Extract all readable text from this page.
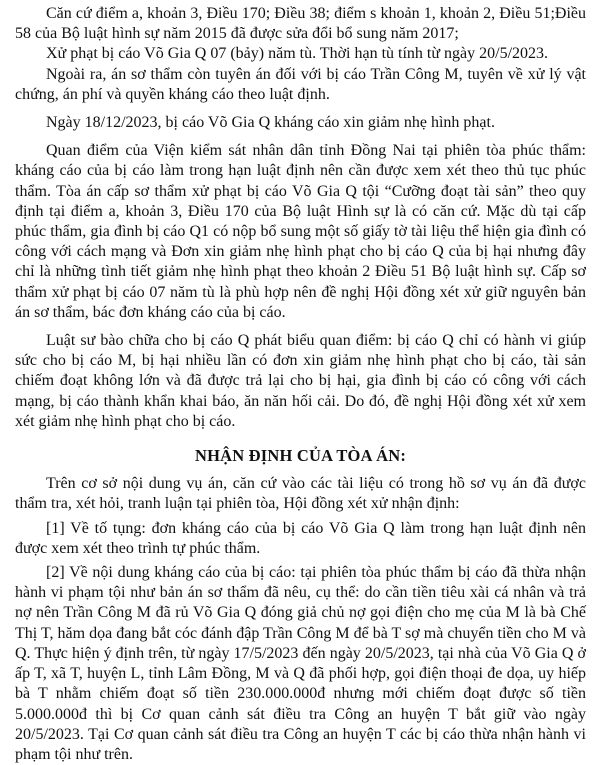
Căn cứ điểm a, khoản 3, Điều 170; Điều 38; điểm s khoản 1, khoản 2, Điều 51;Điều 58 của Bộ luật hình sự năm 2015 đã được sửa đổi bổ sung năm 2017;

Xử phạt bị cáo Võ Gia Q 07 (bảy) năm tù. Thời hạn tù tính từ ngày 20/5/2023.

Ngoài ra, án sơ thẩm còn tuyên án đối với bị cáo Trần Công M, tuyên về xử lý vật chứng, án phí và quyền kháng cáo theo luật định.

Ngày 18/12/2023, bị cáo Võ Gia Q kháng cáo xin giảm nhẹ hình phạt.

Quan điểm của Viện kiểm sát nhân dân tỉnh Đồng Nai tại phiên tòa phúc thẩm: kháng cáo của bị cáo làm trong hạn luật định nên cần được xem xét theo thủ tục phúc thẩm. Tòa án cấp sơ thẩm xử phạt bị cáo Võ Gia Q tội “Cưỡng đoạt tài sản” theo quy định tại điểm a, khoản 3, Điều 170 của Bộ luật Hình sự là có căn cứ. Mặc dù tại cấp phúc thẩm, gia đình bị cáo Q1 có nộp bổ sung một số giấy tờ tài liệu thể hiện gia đình có công với cách mạng và Đơn xin giảm nhẹ hình phạt cho bị cáo Q của bị hại nhưng đây chỉ là những tình tiết giảm nhẹ hình phạt theo khoản 2 Điều 51 Bộ luật hình sự. Cấp sơ thẩm xử phạt bị cáo 07 năm tù là phù hợp nên đề nghị Hội đồng xét xử giữ nguyên bản án sơ thẩm, bác đơn kháng cáo của bị cáo.

Luật sư bào chữa cho bị cáo Q phát biểu quan điểm: bị cáo Q chỉ có hành vi giúp sức cho bị cáo M, bị hại nhiều lần có đơn xin giảm nhẹ hình phạt cho bị cáo, tài sản chiếm đoạt không lớn và đã được trả lại cho bị hại, gia đình bị cáo có công với cách mạng, bị cáo thành khẩn khai báo, ăn năn hối cải. Do đó, đề nghị Hội đồng xét xử xem xét giảm nhẹ hình phạt cho bị cáo.

NHẬN ĐỊNH CỦA TÒA ÁN:

Trên cơ sở nội dung vụ án, căn cứ vào các tài liệu có trong hồ sơ vụ án đã được thẩm tra, xét hỏi, tranh luận tại phiên tòa, Hội đồng xét xử nhận định:

[1] Về tố tụng: đơn kháng cáo của bị cáo Võ Gia Q làm trong hạn luật định nên được xem xét theo trình tự phúc thẩm.

[2] Về nội dung kháng cáo của bị cáo: tại phiên tòa phúc thẩm bị cáo đã thừa nhận hành vi phạm tội như bản án sơ thẩm đã nêu, cụ thể: do cần tiền tiêu xài cá nhân và trả nợ nên Trần Công M đã rủ Võ Gia Q đóng giả chủ nợ gọi điện cho mẹ của M là bà Chế Thị T, hăm dọa đang bắt cóc đánh đập Trần Công M để bà T sợ mà chuyển tiền cho M và Q. Thực hiện ý định trên, từ ngày 17/5/2023 đến ngày 20/5/2023, tại nhà của Võ Gia Q ở ấp T, xã T, huyện L, tỉnh Lâm Đồng, M và Q đã phối hợp, gọi điện thoại đe dọa, uy hiếp bà T nhằm chiếm đoạt số tiền 230.000.000đ nhưng mới chiếm đoạt được số tiền 5.000.000đ thì bị Cơ quan cảnh sát điều tra Công an huyện T bắt giữ vào ngày 20/5/2023. Tại Cơ quan cảnh sát điều tra Công an huyện T các bị cáo thừa nhận hành vi phạm tội như trên.
